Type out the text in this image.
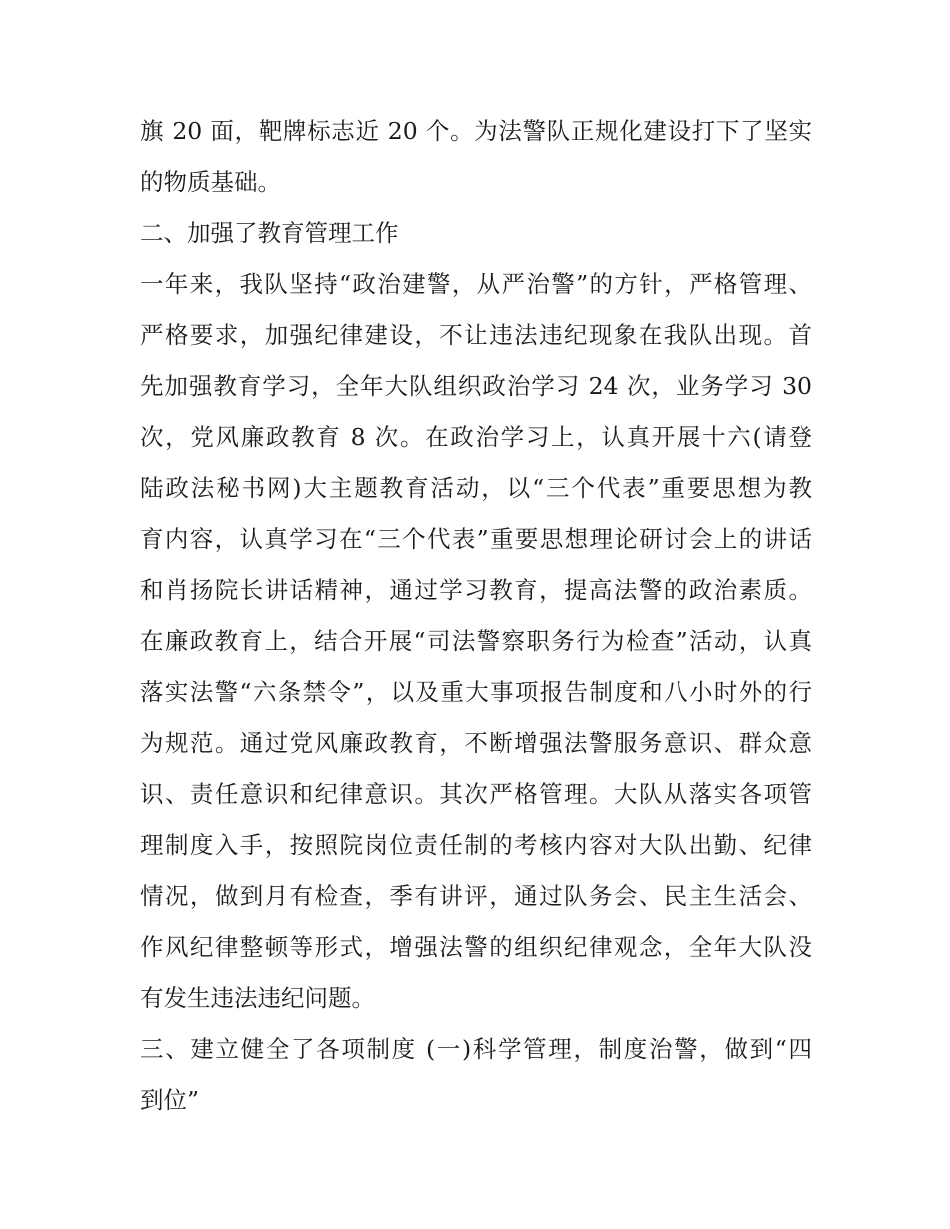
旗 20 面，靶牌标志近 20 个。为法警队正规化建设打下了坚实
的物质基础。
二、加强了教育管理工作
一年来，我队坚持“政治建警，从严治警”的方针，严格管理、
严格要求，加强纪律建设，不让违法违纪现象在我队出现。首
先加强教育学习，全年大队组织政治学习 24 次，业务学习 30
次，党风廉政教育 8 次。在政治学习上，认真开展十六(请登
陆政法秘书网)大主题教育活动，以“三个代表”重要思想为教
育内容，认真学习在“三个代表”重要思想理论研讨会上的讲话
和肖扬院长讲话精神，通过学习教育，提高法警的政治素质。
在廉政教育上，结合开展“司法警察职务行为检查”活动，认真
落实法警“六条禁令”，以及重大事项报告制度和八小时外的行
为规范。通过党风廉政教育，不断增强法警服务意识、群众意
识、责任意识和纪律意识。其次严格管理。大队从落实各项管
理制度入手，按照院岗位责任制的考核内容对大队出勤、纪律
情况，做到月有检查，季有讲评，通过队务会、民主生活会、
作风纪律整顿等形式，增强法警的组织纪律观念，全年大队没
有发生违法违纪问题。
三、建立健全了各项制度 (一)科学管理，制度治警，做到“四
到位”
